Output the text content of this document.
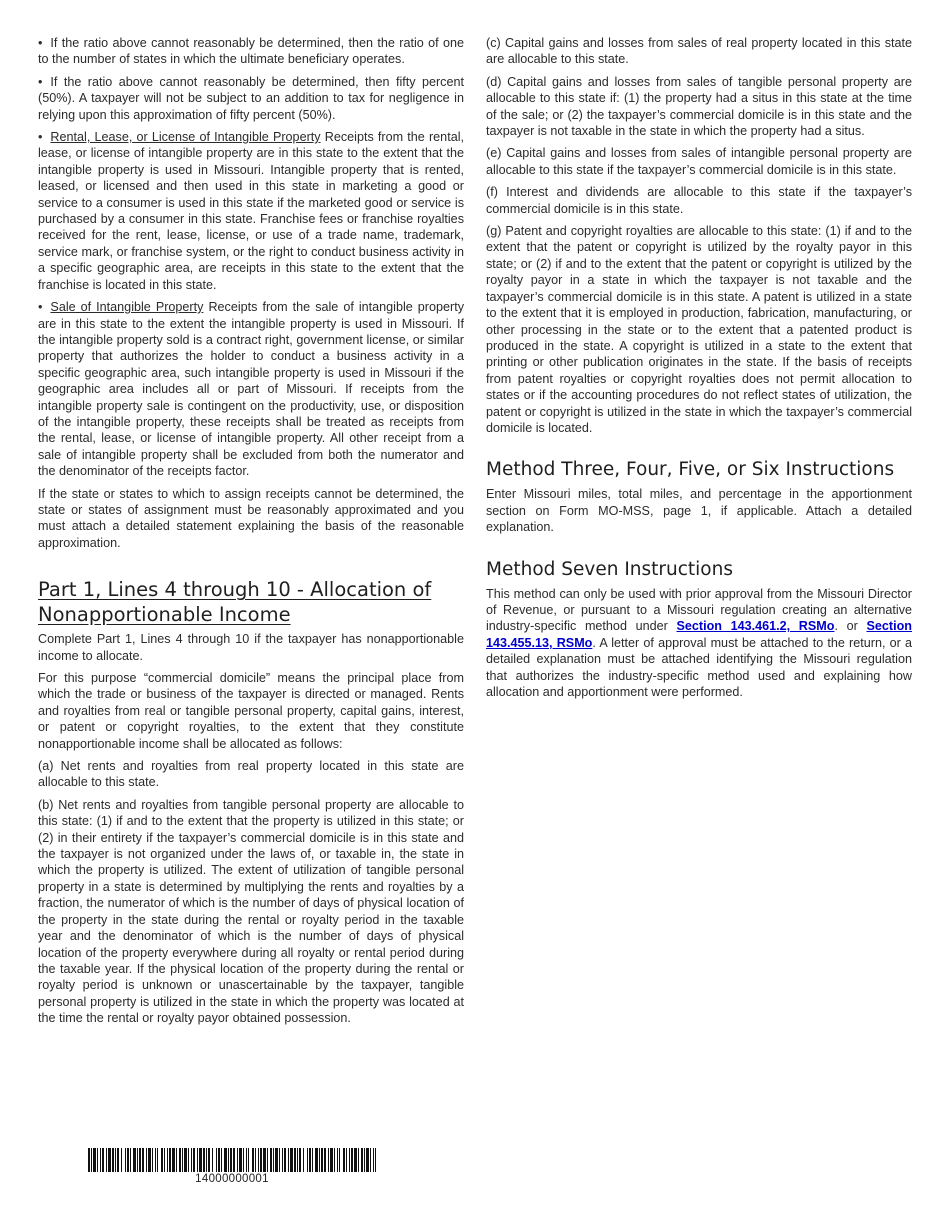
• If the ratio above cannot reasonably be determined, then the ratio of one to the number of states in which the ultimate beneficiary operates.

• If the ratio above cannot reasonably be determined, then fifty percent (50%). A taxpayer will not be subject to an addition to tax for negligence in relying upon this approximation of fifty percent (50%).

• Rental, Lease, or License of Intangible Property Receipts from the rental, lease, or license of intangible property are in this state to the extent that the intangible property is used in Missouri. Intangible property that is rented, leased, or licensed and then used in this state in marketing a good or service to a consumer is used in this state if the marketed good or service is purchased by a consumer in this state. Franchise fees or franchise royalties received for the rent, lease, license, or use of a trade name, trademark, service mark, or franchise system, or the right to conduct business activity in a specific geographic area, are receipts in this state to the extent that the franchise is located in this state.

• Sale of Intangible Property Receipts from the sale of intangible property are in this state to the extent the intangible property is used in Missouri. If the intangible property sold is a contract right, government license, or similar property that authorizes the holder to conduct a business activity in a specific geographic area, such intangible property is used in Missouri if the geographic area includes all or part of Missouri. If receipts from the intangible property sale is contingent on the productivity, use, or disposition of the intangible property, these receipts shall be treated as receipts from the rental, lease, or license of intangible property. All other receipt from a sale of intangible property shall be excluded from both the numerator and the denominator of the receipts factor.

If the state or states to which to assign receipts cannot be determined, the state or states of assignment must be reasonably approximated and you must attach a detailed statement explaining the basis of the reasonable approximation.

Part 1, Lines 4 through 10 - Allocation of Nonapportionable Income

Complete Part 1, Lines 4 through 10 if the taxpayer has nonapportionable income to allocate.

For this purpose “commercial domicile” means the principal place from which the trade or business of the taxpayer is directed or managed. Rents and royalties from real or tangible personal property, capital gains, interest, or patent or copyright royalties, to the extent that they constitute nonapportionable income shall be allocated as follows:

(a) Net rents and royalties from real property located in this state are allocable to this state.

(b) Net rents and royalties from tangible personal property are allocable to this state: (1) if and to the extent that the property is utilized in this state; or (2) in their entirety if the taxpayer’s commercial domicile is in this state and the taxpayer is not organized under the laws of, or taxable in, the state in which the property is utilized. The extent of utilization of tangible personal property in a state is determined by multiplying the rents and royalties by a fraction, the numerator of which is the number of days of physical location of the property in the state during the rental or royalty period in the taxable year and the denominator of which is the number of days of physical location of the property everywhere during all royalty or rental period during the taxable year. If the physical location of the property during the rental or royalty period is unknown or unascertainable by the taxpayer, tangible personal property is utilized in the state in which the property was located at the time the rental or royalty payor obtained possession.

(c) Capital gains and losses from sales of real property located in this state are allocable to this state.

(d) Capital gains and losses from sales of tangible personal property are allocable to this state if: (1) the property had a situs in this state at the time of the sale; or (2) the taxpayer’s commercial domicile is in this state and the taxpayer is not taxable in the state in which the property had a situs.

(e) Capital gains and losses from sales of intangible personal property are allocable to this state if the taxpayer’s commercial domicile is in this state.

(f) Interest and dividends are allocable to this state if the taxpayer’s commercial domicile is in this state.

(g) Patent and copyright royalties are allocable to this state: (1) if and to the extent that the patent or copyright is utilized by the royalty payor in this state; or (2) if and to the extent that the patent or copyright is utilized by the royalty payor in a state in which the taxpayer is not taxable and the taxpayer’s commercial domicile is in this state. A patent is utilized in a state to the extent that it is employed in production, fabrication, manufacturing, or other processing in the state or to the extent that a patented product is produced in the state. A copyright is utilized in a state to the extent that printing or other publication originates in the state. If the basis of receipts from patent royalties or copyright royalties does not permit allocation to states or if the accounting procedures do not reflect states of utilization, the patent or copyright is utilized in the state in which the taxpayer’s commercial domicile is located.

Method Three, Four, Five, or Six Instructions

Enter Missouri miles, total miles, and percentage in the apportionment section on Form MO-MSS, page 1, if applicable. Attach a detailed explanation.

Method Seven Instructions

This method can only be used with prior approval from the Missouri Director of Revenue, or pursuant to a Missouri regulation creating an alternative industry-specific method under Section 143.461.2, RSMo. or Section 143.455.13, RSMo. A letter of approval must be attached to the return, or a detailed explanation must be attached identifying the Missouri regulation that authorizes the industry-specific method used and explaining how allocation and apportionment were performed.

14000000001
